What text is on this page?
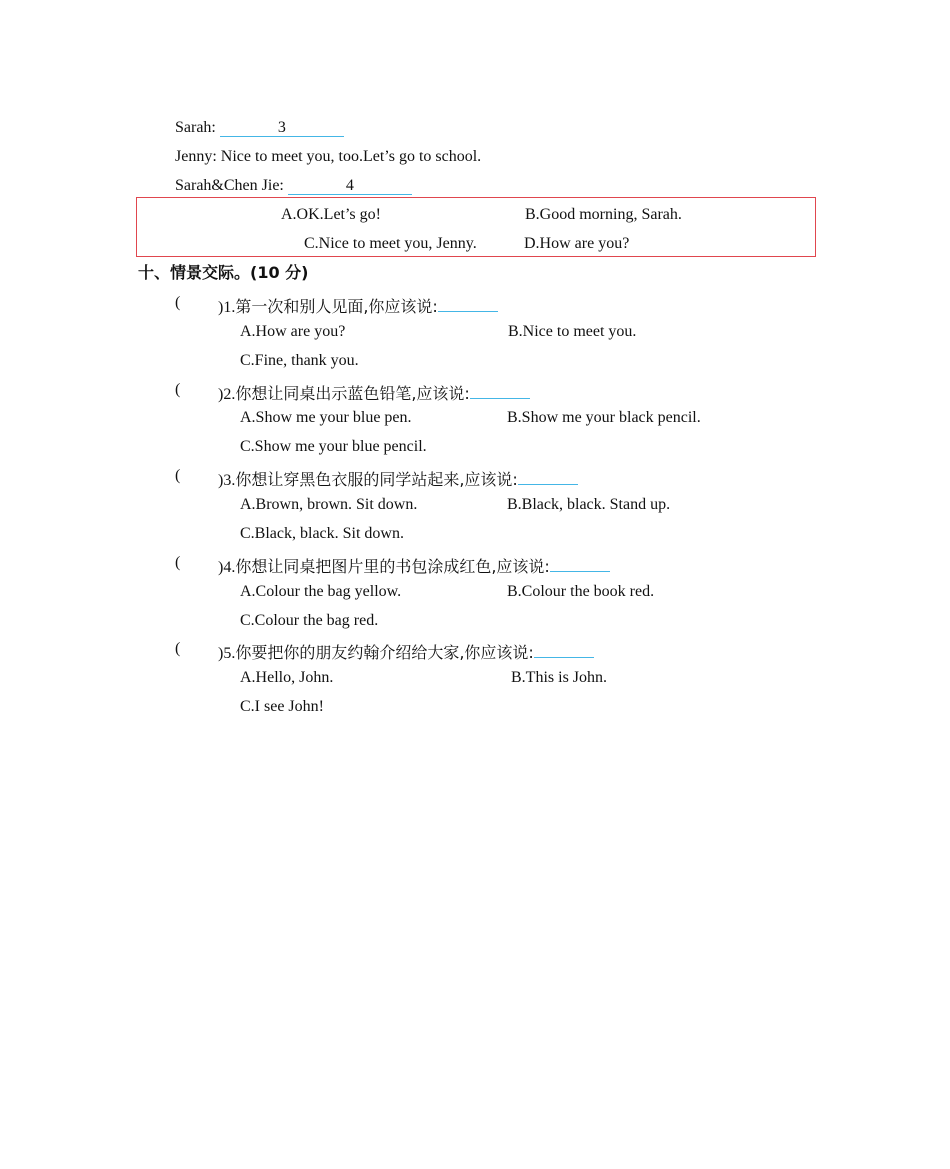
Sarah:	3
Jenny: Nice to meet you, too.Let’s go to school.
Sarah&Chen Jie:	4
A.OK.Let’s go!	B.Good morning, Sarah.
C.Nice to meet you, Jenny.	D.How are you?
十、情景交际。(10 分)
( )1.第一次和别人见面,你应该说:
A.How are you?	B.Nice to meet you.
C.Fine, thank you.
( )2.你想让同桌出示蓝色铅笔,应该说:
A.Show me your blue pen.	B.Show me your black pencil.
C.Show me your blue pencil.
( )3.你想让穿黑色衣服的同学站起来,应该说:
A.Brown, brown. Sit down.	B.Black, black. Stand up.
C.Black, black. Sit down.
( )4.你想让同桌把图片里的书包涂成红色,应该说:
A.Colour the bag yellow.	B.Colour the book red.
C.Colour the bag red.
( )5.你要把你的朋友约翰介绍给大家,你应该说:
A.Hello, John.	B.This is John.
C.I see John!
